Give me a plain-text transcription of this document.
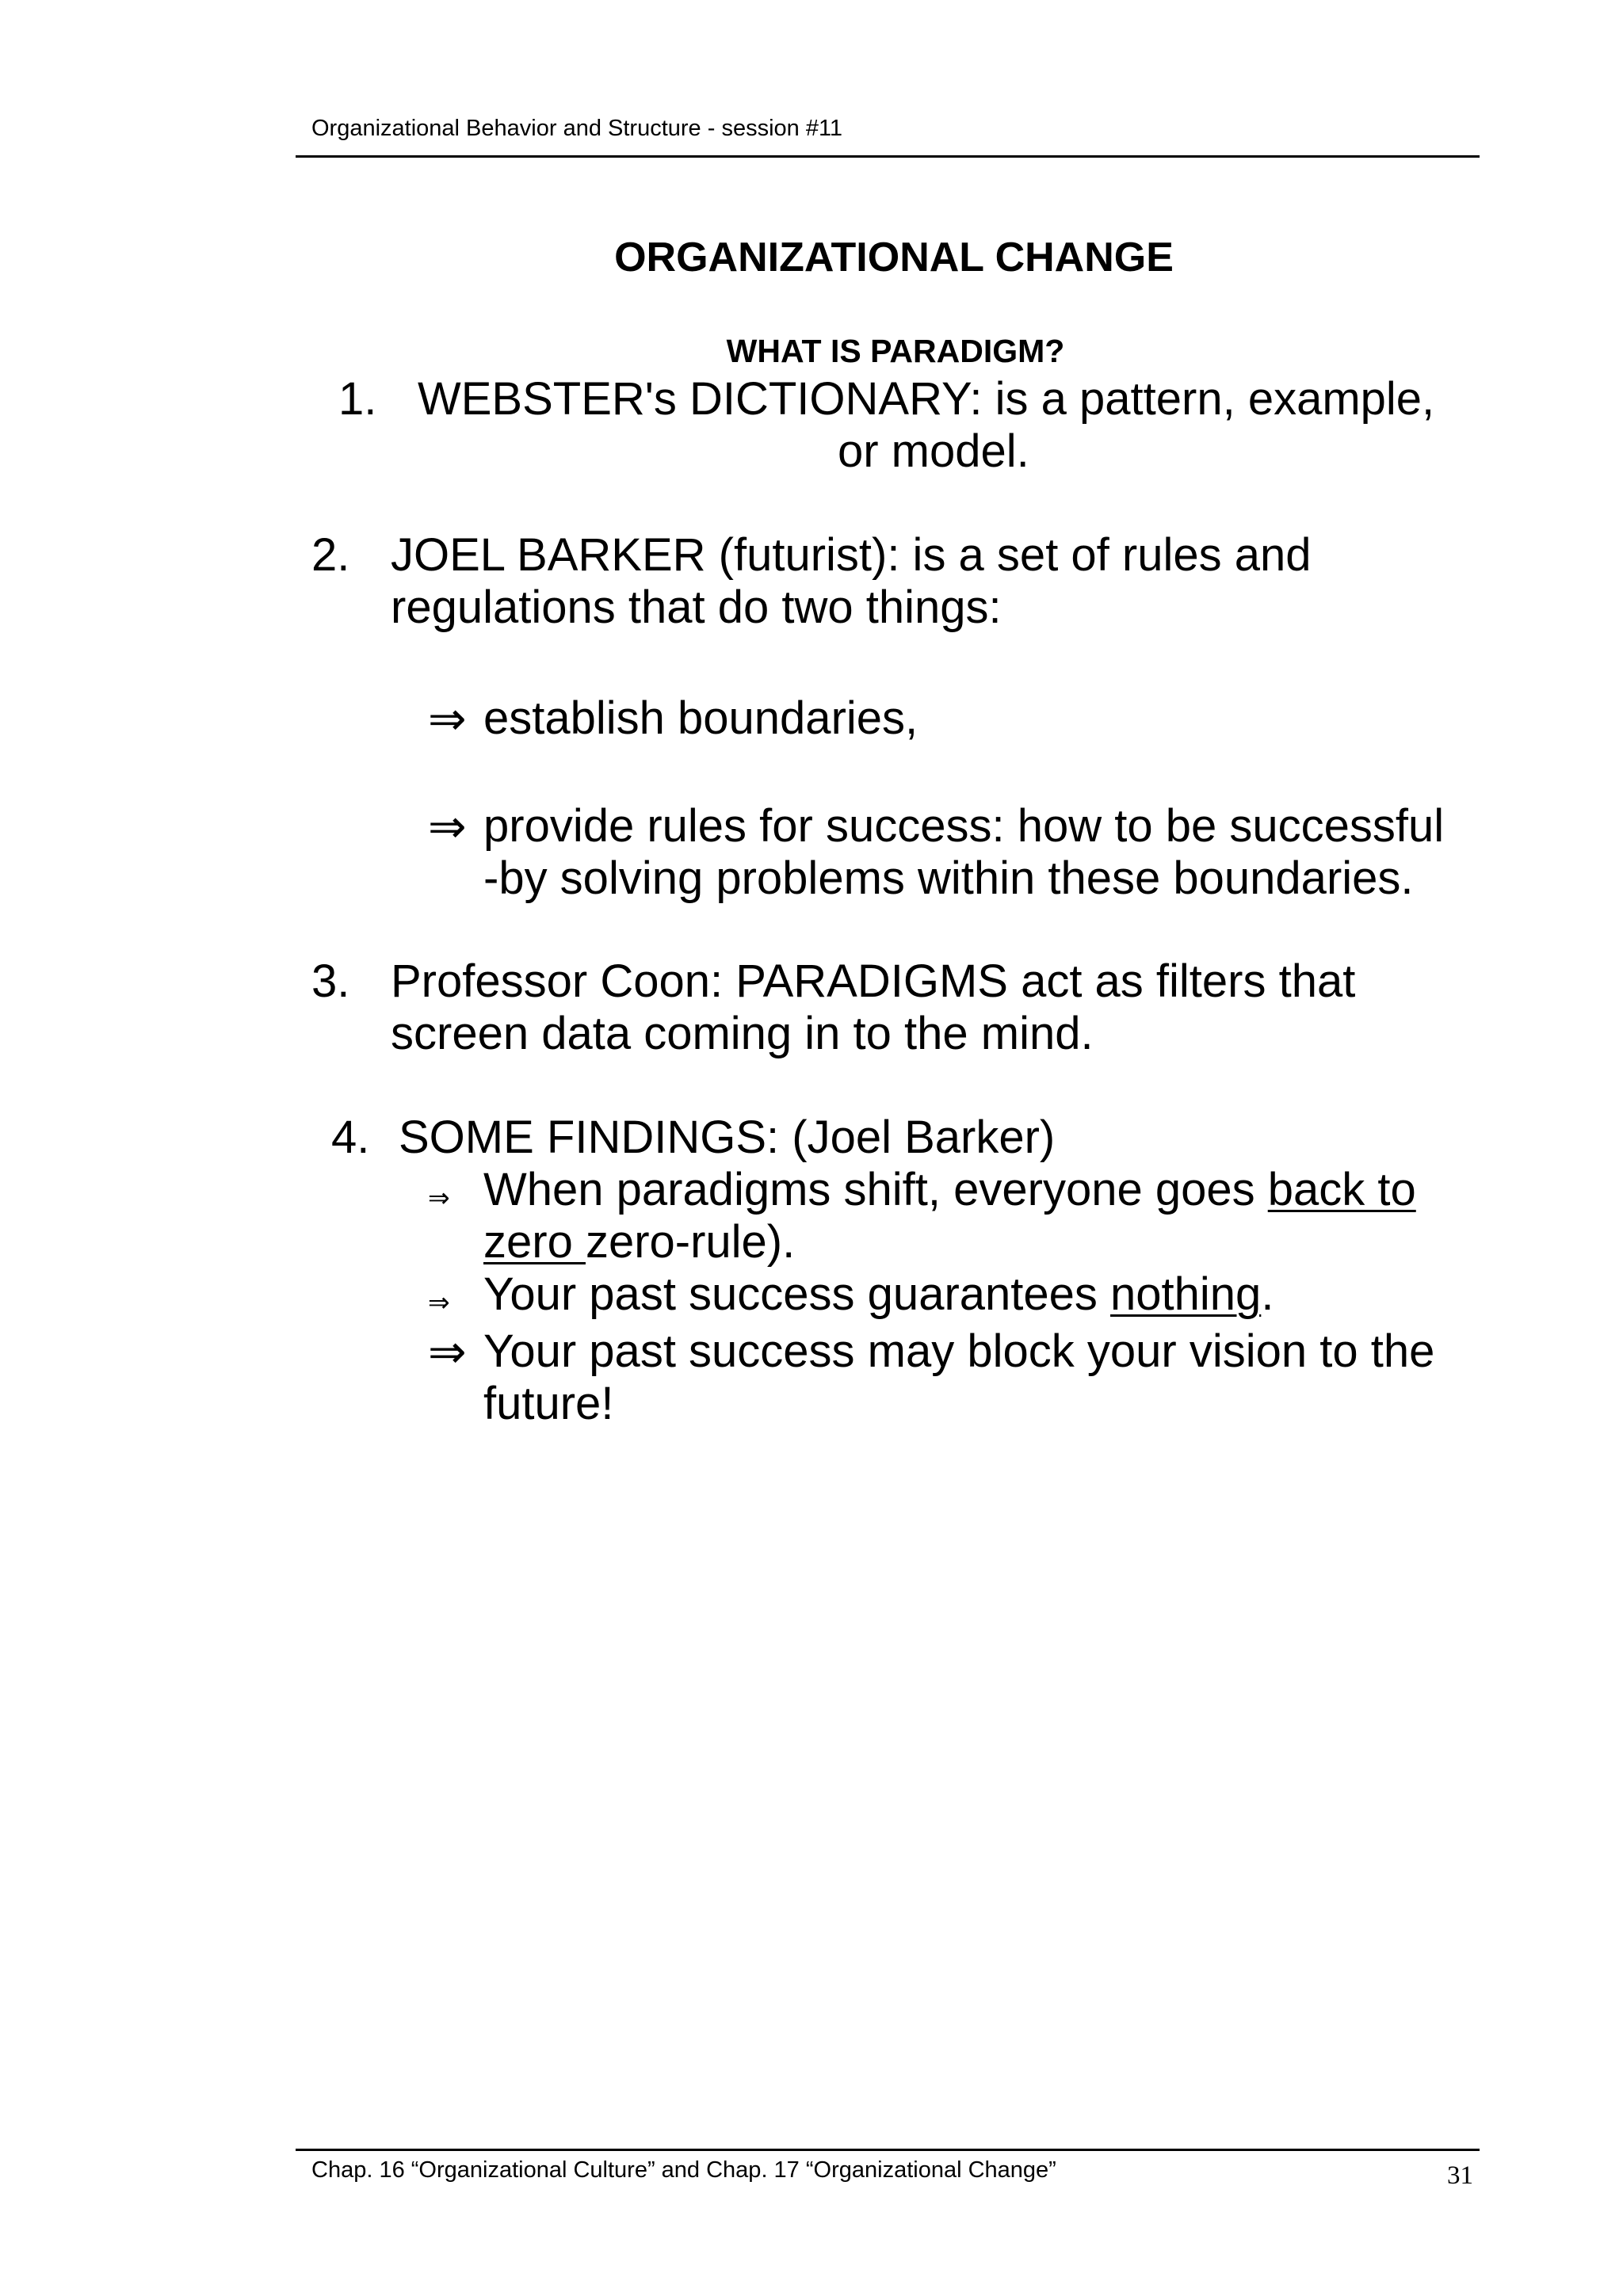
Organizational Behavior and Structure - session #11
ORGANIZATIONAL CHANGE
WHAT IS PARADIGM?
1. WEBSTER's DICTIONARY: is a pattern, example,
or model.
2. JOEL BARKER (futurist): is a set of rules and
regulations that do two things:
⇒ establish boundaries,
⇒ provide rules for success: how to be successful
-by solving problems within these boundaries.
3. Professor Coon: PARADIGMS act as filters that
screen data coming in to the mind.
4. SOME FINDINGS: (Joel Barker)
⇒ When paradigms shift, everyone goes back to
zero zero-rule).
⇒ Your past success guarantees nothing.
⇒ Your past success may block your vision to the
future!
Chap. 16 “Organizational Culture” and Chap. 17 “Organizational Change”	31
